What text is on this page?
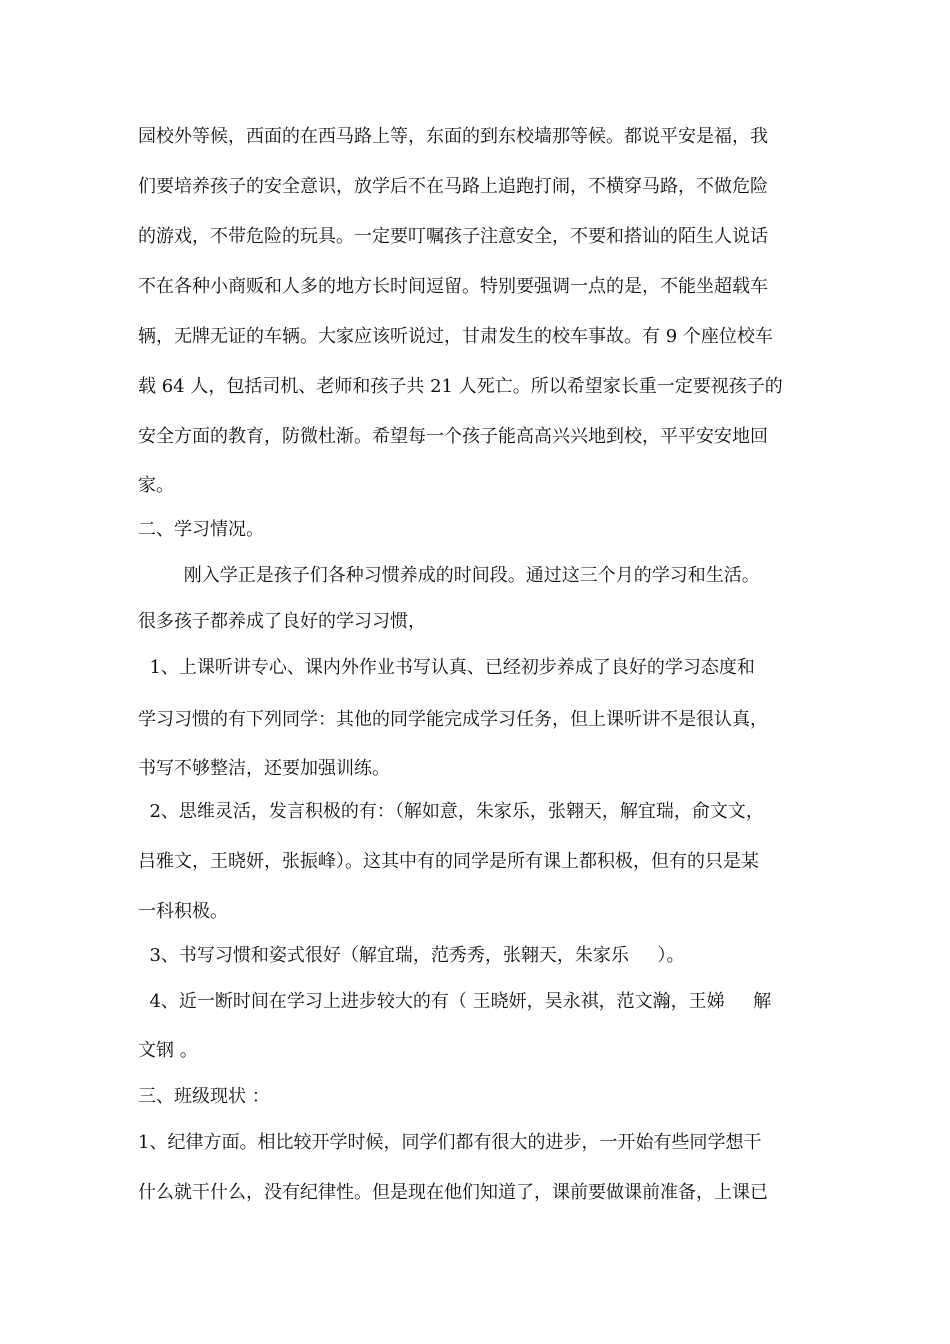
园校外等候，西面的在西马路上等，东面的到东校墙那等候。都说平安是福，我
们要培养孩子的安全意识，放学后不在马路上追跑打闹，不横穿马路，不做危险
的游戏，不带危险的玩具。一定要叮嘱孩子注意安全，不要和搭讪的陌生人说话
不在各种小商贩和人多的地方长时间逗留。特别要强调一点的是，不能坐超载车
辆，无牌无证的车辆。大家应该听说过，甘肃发生的校车事故。有 9 个座位校车
载 64 人，包括司机、老师和孩子共 21 人死亡。所以希望家长重一定要视孩子的
安全方面的教育，防微杜渐。希望每一个孩子能高高兴兴地到校，平平安安地回
家。
二、学习情况。
刚入学正是孩子们各种习惯养成的时间段。通过这三个月的学习和生活。
很多孩子都养成了良好的学习习惯，
1、上课听讲专心、课内外作业书写认真、已经初步养成了良好的学习态度和
学习习惯的有下列同学：其他的同学能完成学习任务，但上课听讲不是很认真，
书写不够整洁，还要加强训练。
2、思维灵活，发言积极的有：（解如意，朱家乐，张翱天，解宜瑞，俞文文，
吕雅文，王晓妍，张振峰）。这其中有的同学是所有课上都积极，但有的只是某
一科积极。
3、书写习惯和姿式很好（解宜瑞，范秀秀，张翱天，朱家乐     ）。
4、近一断时间在学习上进步较大的有（ 王晓妍，吴永祺，范文瀚，王娣     解
文钢 。
三、班级现状 ：
1、纪律方面。相比较开学时候，同学们都有很大的进步，一开始有些同学想干
什么就干什么，没有纪律性。但是现在他们知道了，课前要做课前准备，上课已
